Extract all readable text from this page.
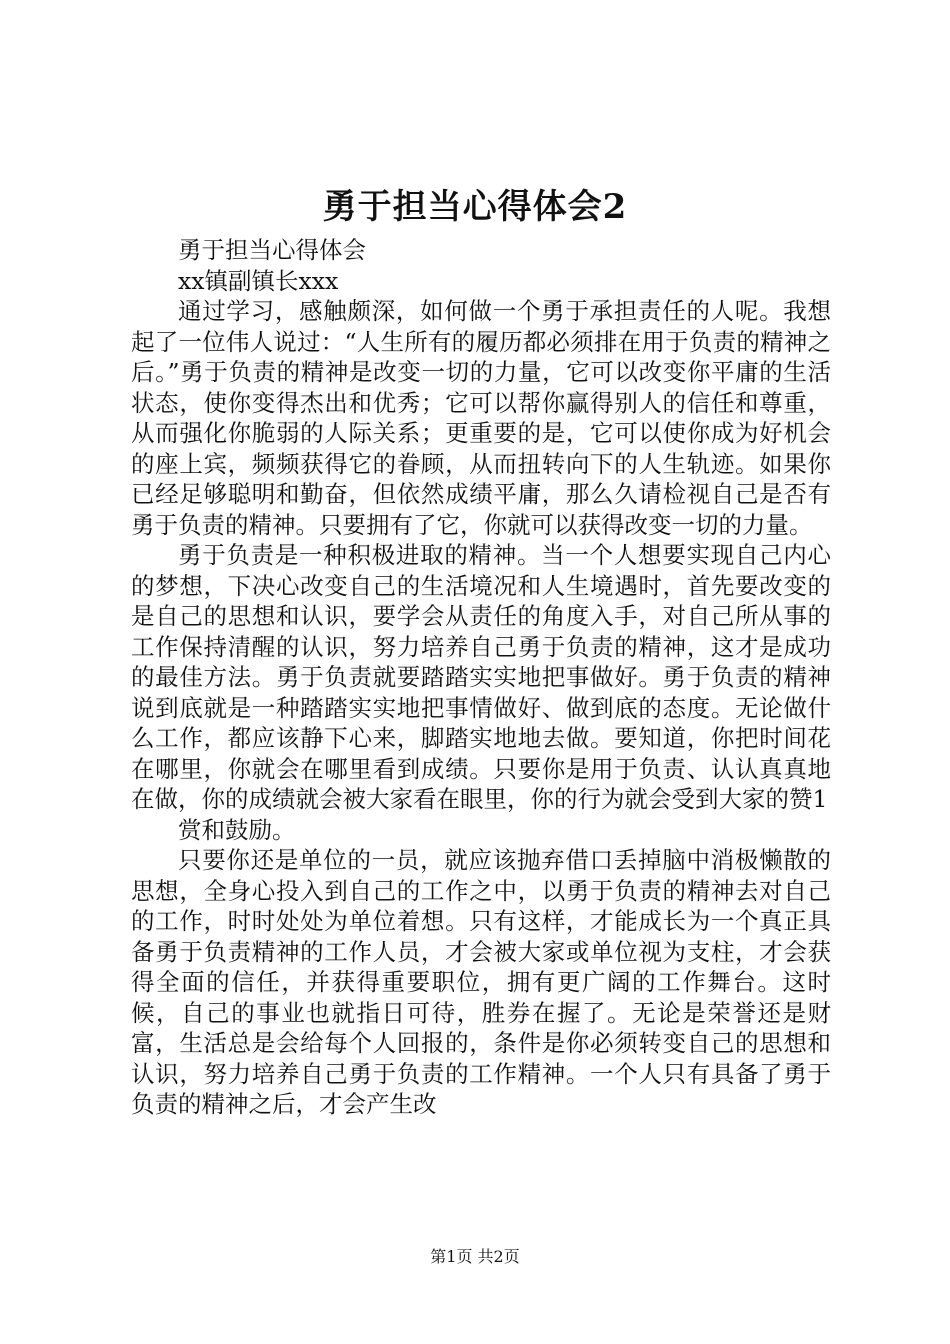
勇于担当心得体会2

勇于担当心得体会

xx镇副镇长xxx

通过学习，感触颇深，如何做一个勇于承担责任的人呢。我想起了一位伟人说过：“人生所有的履历都必须排在用于负责的精神之后。”勇于负责的精神是改变一切的力量，它可以改变你平庸的生活状态，使你变得杰出和优秀；它可以帮你赢得别人的信任和尊重，从而强化你脆弱的人际关系；更重要的是，它可以使你成为好机会的座上宾，频频获得它的眷顾，从而扭转向下的人生轨迹。如果你已经足够聪明和勤奋，但依然成绩平庸，那么久请检视自己是否有勇于负责的精神。只要拥有了它，你就可以获得改变一切的力量。

勇于负责是一种积极进取的精神。当一个人想要实现自己内心的梦想，下决心改变自己的生活境况和人生境遇时，首先要改变的是自己的思想和认识，要学会从责任的角度入手，对自己所从事的工作保持清醒的认识，努力培养自己勇于负责的精神，这才是成功的最佳方法。勇于负责就要踏踏实实地把事做好。勇于负责的精神说到底就是一种踏踏实实地把事情做好、做到底的态度。无论做什么工作，都应该静下心来，脚踏实地地去做。要知道，你把时间花在哪里，你就会在哪里看到成绩。只要你是用于负责、认认真真地在做，你的成绩就会被大家看在眼里，你的行为就会受到大家的赞1

赏和鼓励。

只要你还是单位的一员，就应该抛弃借口丢掉脑中消极懒散的思想，全身心投入到自己的工作之中，以勇于负责的精神去对自己的工作，时时处处为单位着想。只有这样，才能成长为一个真正具备勇于负责精神的工作人员，才会被大家或单位视为支柱，才会获得全面的信任，并获得重要职位，拥有更广阔的工作舞台。这时候，自己的事业也就指日可待，胜券在握了。无论是荣誉还是财富，生活总是会给每个人回报的，条件是你必须转变自己的思想和认识，努力培养自己勇于负责的工作精神。一个人只有具备了勇于负责的精神之后，才会产生改

第1页 共2页
